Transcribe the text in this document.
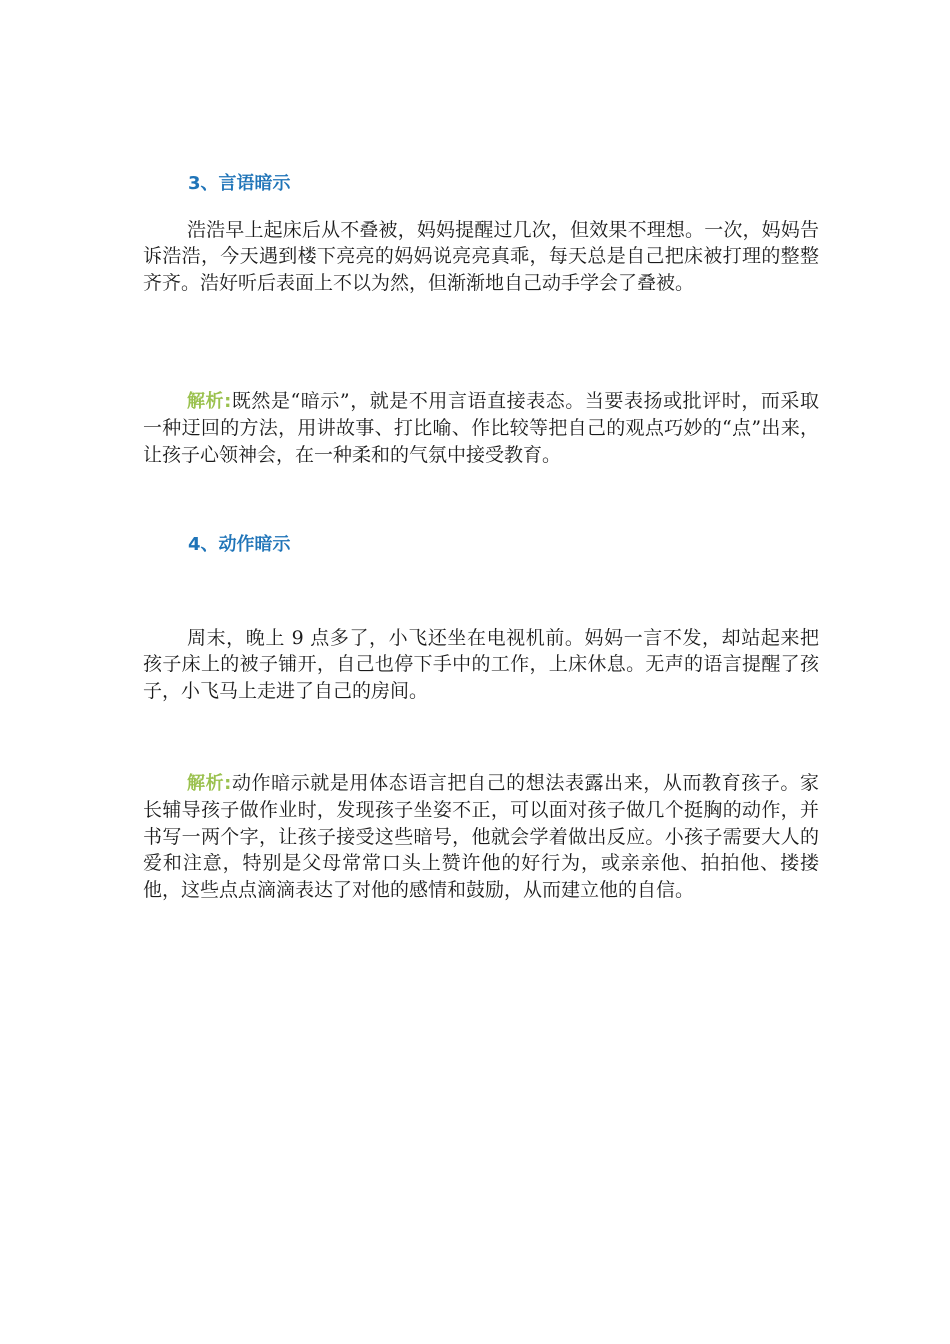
3、言语暗示

浩浩早上起床后从不叠被，妈妈提醒过几次，但效果不理想。一次，妈妈告诉浩浩，今天遇到楼下亮亮的妈妈说亮亮真乖，每天总是自己把床被打理的整整齐齐。浩好听后表面上不以为然，但渐渐地自己动手学会了叠被。

解析:既然是“暗示”，就是不用言语直接表态。当要表扬或批评时，而采取一种迂回的方法，用讲故事、打比喻、作比较等把自己的观点巧妙的“点”出来，让孩子心领神会，在一种柔和的气氛中接受教育。

4、动作暗示

周末，晚上 9 点多了，小飞还坐在电视机前。妈妈一言不发，却站起来把孩子床上的被子铺开，自己也停下手中的工作，上床休息。无声的语言提醒了孩子，小飞马上走进了自己的房间。

解析:动作暗示就是用体态语言把自己的想法表露出来，从而教育孩子。家长辅导孩子做作业时，发现孩子坐姿不正，可以面对孩子做几个挺胸的动作，并书写一两个字，让孩子接受这些暗号，他就会学着做出反应。小孩子需要大人的爱和注意，特别是父母常常口头上赞许他的好行为，或亲亲他、拍拍他、搂搂他，这些点点滴滴表达了对他的感情和鼓励，从而建立他的自信。
